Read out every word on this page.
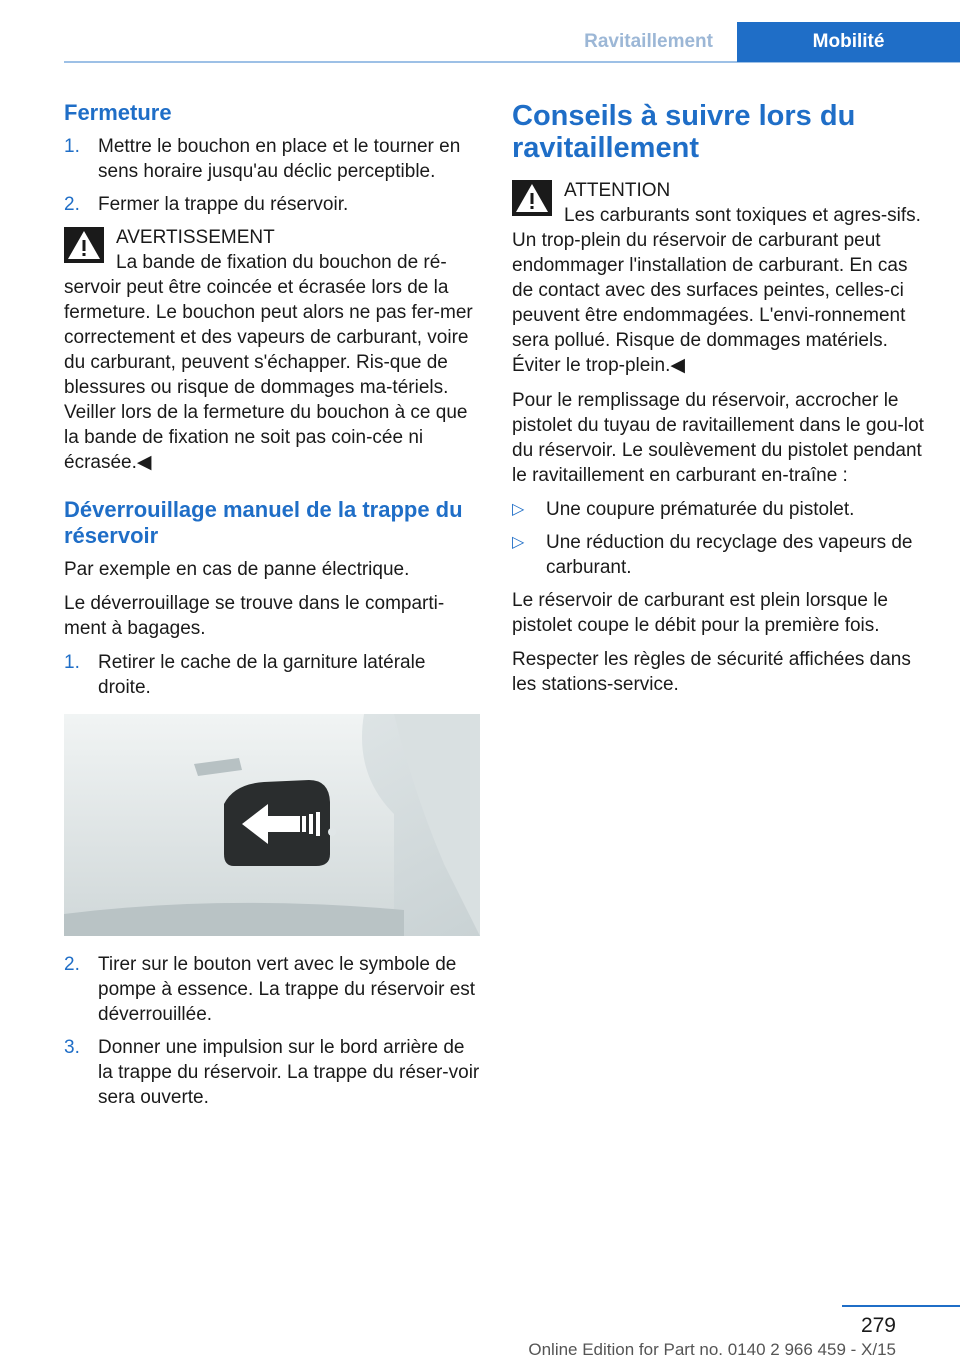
Ravitaillement	Mobilité
Fermeture
1. Mettre le bouchon en place et le tourner en sens horaire jusqu'au déclic perceptible.
2. Fermer la trappe du réservoir.
AVERTISSEMENT
La bande de fixation du bouchon de ré‐servoir peut être coincée et écrasée lors de la fermeture. Le bouchon peut alors ne pas fer‐mer correctement et des vapeurs de carburant, voire du carburant, peuvent s'échapper. Ris‐que de blessures ou risque de dommages ma‐tériels. Veiller lors de la fermeture du bouchon à ce que la bande de fixation ne soit pas coin‐cée ni écrasée.◀
Déverrouillage manuel de la trappe du réservoir

Par exemple en cas de panne électrique.

Le déverrouillage se trouve dans le comparti‐ment à bagages.

1. Retirer le cache de la garniture latérale droite.
2. Tirer sur le bouton vert avec le symbole de pompe à essence. La trappe du réservoir est déverrouillée.
3. Donner une impulsion sur le bord arrière de la trappe du réservoir. La trappe du réser‐voir sera ouverte.
Conseils à suivre lors du ravitaillement
ATTENTION
Les carburants sont toxiques et agres‐sifs. Un trop-plein du réservoir de carburant peut endommager l'installation de carburant. En cas de contact avec des surfaces peintes, celles-ci peuvent être endommagées. L'envi‐ronnement sera pollué. Risque de dommages matériels. Éviter le trop-plein.◀

Pour le remplissage du réservoir, accrocher le pistolet du tuyau de ravitaillement dans le gou‐lot du réservoir. Le soulèvement du pistolet pendant le ravitaillement en carburant en‐traîne :

▷ Une coupure prématurée du pistolet.
▷ Une réduction du recyclage des vapeurs de carburant.

Le réservoir de carburant est plein lorsque le pistolet coupe le débit pour la première fois.

Respecter les règles de sécurité affichées dans les stations-service.

279
Online Edition for Part no. 0140 2 966 459 - X/15
